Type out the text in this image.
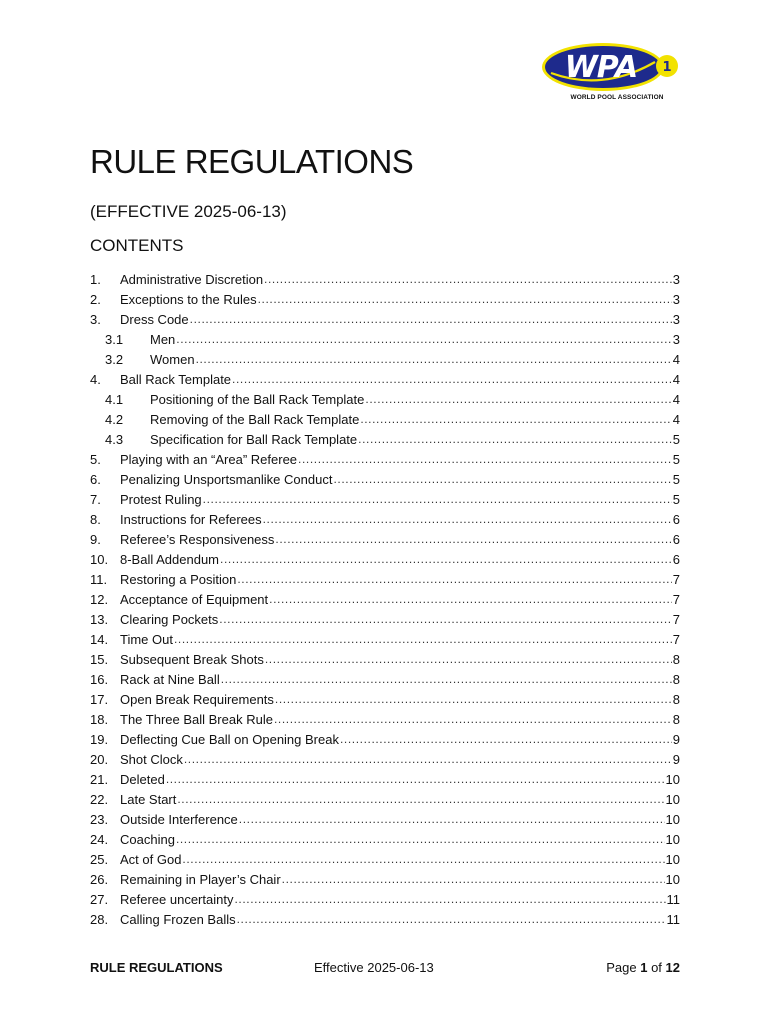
WPA 1
WORLD POOL ASSOCIATION
RULE REGULATIONS
(EFFECTIVE 2025-06-13)
CONTENTS
1.	Administrative Discretion .....	3
2.	Exceptions to the Rules .....	3
3.	Dress Code .....	3
3.1	Men .....	3
3.2	Women .....	4
4.	Ball Rack Template .....	4
4.1	Positioning of the Ball Rack Template .....	4
4.2	Removing of the Ball Rack Template .....	4
4.3	Specification for Ball Rack Template .....	5
5.	Playing with an “Area” Referee .....	5
6.	Penalizing Unsportsmanlike Conduct .....	5
7.	Protest Ruling .....	5
8.	Instructions for Referees .....	6
9.	Referee’s Responsiveness .....	6
10. 8-Ball Addendum .....	6
11. Restoring a Position .....	7
12. Acceptance of Equipment .....	7
13. Clearing Pockets .....	7
14. Time Out .....	7
15. Subsequent Break Shots .....	8
16. Rack at Nine Ball .....	8
17. Open Break Requirements .....	8
18. The Three Ball Break Rule .....	8
19. Deflecting Cue Ball on Opening Break .....	9
20. Shot Clock .....	9
21. Deleted .....	10
22. Late Start .....	10
23. Outside Interference .....	10
24. Coaching .....	10
25. Act of God .....	10
26. Remaining in Player’s Chair .....	10
27. Referee uncertainty .....	11
28. Calling Frozen Balls .....	11
RULE REGULATIONS	Effective 2025-06-13	Page 1 of 12
